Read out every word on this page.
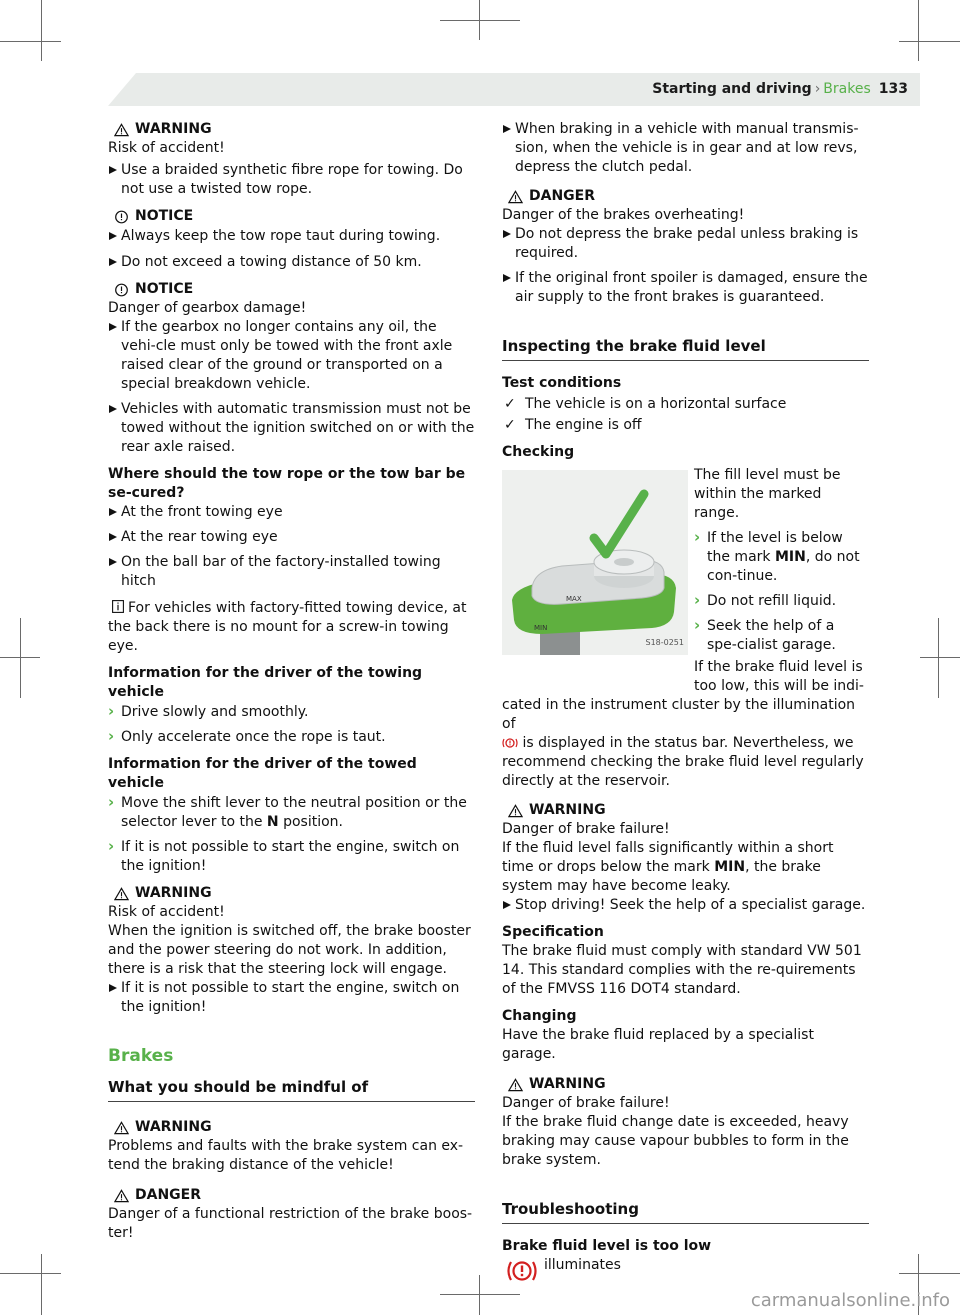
Starting and driving › Brakes 133
WARNING
Risk of accident!
Use a braided synthetic fibre rope for towing. Do not use a twisted tow rope.
NOTICE
Always keep the tow rope taut during towing.
Do not exceed a towing distance of 50 km.
NOTICE
Danger of gearbox damage!
If the gearbox no longer contains any oil, the vehi-cle must only be towed with the front axle raised clear of the ground or transported on a special breakdown vehicle.
Vehicles with automatic transmission must not be towed without the ignition switched on or with the rear axle raised.
Where should the tow rope or the tow bar be se-cured?
At the front towing eye
At the rear towing eye
On the ball bar of the factory-installed towing hitch
For vehicles with factory-fitted towing device, at the back there is no mount for a screw-in towing eye.
Information for the driver of the towing vehicle
› Drive slowly and smoothly.
› Only accelerate once the rope is taut.
Information for the driver of the towed vehicle
› Move the shift lever to the neutral position or the selector lever to the N position.
› If it is not possible to start the engine, switch on the ignition!
WARNING
Risk of accident!
When the ignition is switched off, the brake booster and the power steering do not work. In addition, there is a risk that the steering lock will engage.
If it is not possible to start the engine, switch on the ignition!
Brakes
What you should be mindful of
WARNING
Problems and faults with the brake system can ex-tend the braking distance of the vehicle!
DANGER
Danger of a functional restriction of the brake boos-ter!
When braking in a vehicle with manual transmis-sion, when the vehicle is in gear and at low revs, depress the clutch pedal.
DANGER
Danger of the brakes overheating!
Do not depress the brake pedal unless braking is required.
If the original front spoiler is damaged, ensure the air supply to the front brakes is guaranteed.
Inspecting the brake fluid level
Test conditions
✓ The vehicle is on a horizontal surface
✓ The engine is off
Checking
MAX
MIN
S18-0251
The fill level must be within the marked range.
› If the level is below the mark MIN, do not con-tinue.
› Do not refill liquid.
› Seek the help of a spe-cialist garage.
If the brake fluid level is too low, this will be indi-
cated in the instrument cluster by the illumination of
is displayed in the status bar. Nevertheless, we recommend checking the brake fluid level regularly directly at the reservoir.
WARNING
Danger of brake failure!
If the fluid level falls significantly within a short time or drops below the mark MIN, the brake system may have become leaky.
Stop driving! Seek the help of a specialist garage.
Specification
The brake fluid must comply with standard VW 501 14. This standard complies with the re-quirements of the FMVSS 116 DOT4 standard.
Changing
Have the brake fluid replaced by a specialist garage.
WARNING
Danger of brake failure!
If the brake fluid change date is exceeded, heavy braking may cause vapour bubbles to form in the brake system.
Troubleshooting
Brake fluid level is too low
illuminates
carmanualsonline.info
